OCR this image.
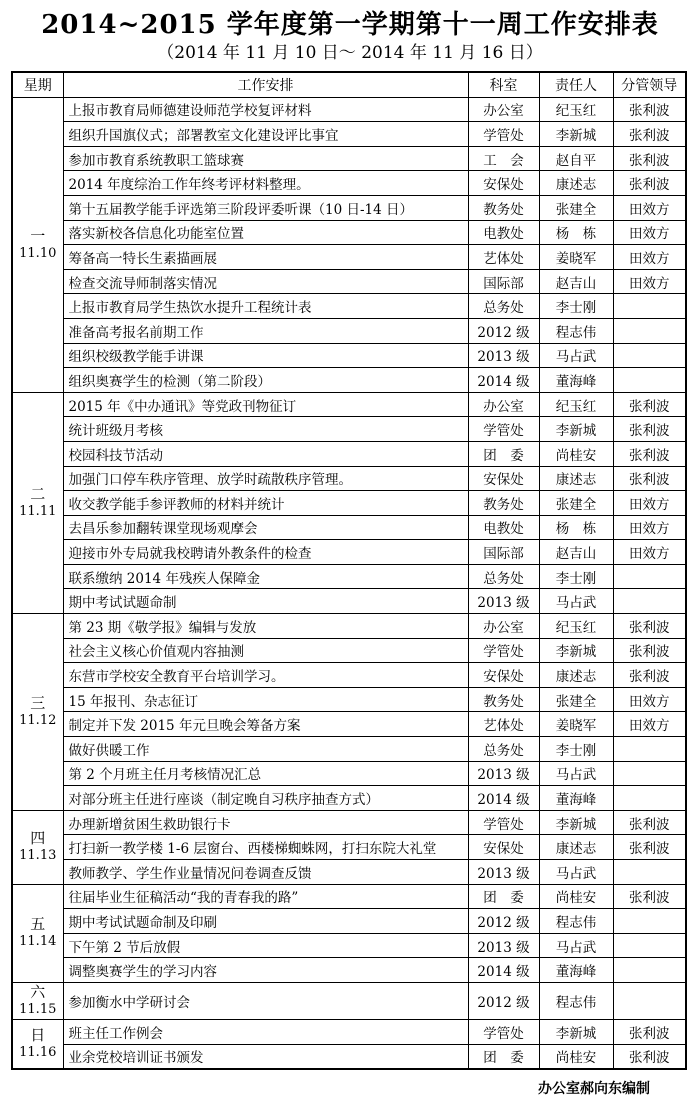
2014~2015 学年度第一学期第十一周工作安排表
（2014 年 11 月 10 日～ 2014 年 11 月 16 日）
星期	工作安排	科室	责任人	分管领导

一
11.10	上报市教育局师德建设师范学校复评材料	办公室	纪玉红	张利波
	组织升国旗仪式；部署教室文化建设评比事宜	学管处	李新城	张利波
	参加市教育系统教职工篮球赛	工　会	赵自平	张利波
	2014 年度综治工作年终考评材料整理。	安保处	康述志	张利波
	第十五届教学能手评选第三阶段评委听课（10 日-14 日）	教务处	张建全	田效方
	落实新校各信息化功能室位置	电教处	杨　栋	田效方
	筹备高一特长生素描画展	艺体处	姜晓军	田效方
	检查交流导师制落实情况	国际部	赵吉山	田效方
	上报市教育局学生热饮水提升工程统计表	总务处	李士刚	
	准备高考报名前期工作	2012 级	程志伟	
	组织校级教学能手讲课	2013 级	马占武	
	组织奥赛学生的检测（第二阶段）	2014 级	董海峰	

二
11.11	2015 年《中办通讯》等党政刊物征订	办公室	纪玉红	张利波
	统计班级月考核	学管处	李新城	张利波
	校园科技节活动	团　委	尚桂安	张利波
	加强门口停车秩序管理、放学时疏散秩序管理。	安保处	康述志	张利波
	收交教学能手参评教师的材料并统计	教务处	张建全	田效方
	去昌乐参加翻转课堂现场观摩会	电教处	杨　栋	田效方
	迎接市外专局就我校聘请外教条件的检查	国际部	赵吉山	田效方
	联系缴纳 2014 年残疾人保障金	总务处	李士刚	
	期中考试试题命制	2013 级	马占武	

三
11.12	第 23 期《敬学报》编辑与发放	办公室	纪玉红	张利波
	社会主义核心价值观内容抽测	学管处	李新城	张利波
	东营市学校安全教育平台培训学习。	安保处	康述志	张利波
	15 年报刊、杂志征订	教务处	张建全	田效方
	制定并下发 2015 年元旦晚会筹备方案	艺体处	姜晓军	田效方
	做好供暖工作	总务处	李士刚	
	第 2 个月班主任月考核情况汇总	2013 级	马占武	
	对部分班主任进行座谈（制定晚自习秩序抽查方式）	2014 级	董海峰	

四
11.13	办理新增贫困生救助银行卡	学管处	李新城	张利波
	打扫新一教学楼 1-6 层窗台、西楼梯蜘蛛网，打扫东院大礼堂	安保处	康述志	张利波
	教师教学、学生作业量情况问卷调查反馈	2013 级	马占武	

五
11.14	往届毕业生征稿活动“我的青春我的路”	团　委	尚桂安	张利波
	期中考试试题命制及印刷	2012 级	程志伟	
	下午第 2 节后放假	2013 级	马占武	
	调整奥赛学生的学习内容	2014 级	董海峰	

六
11.15	参加衡水中学研讨会	2012 级	程志伟	

日
11.16	班主任工作例会	学管处	李新城	张利波
	业余党校培训证书颁发	团　委	尚桂安	张利波
办公室郝向东编制
